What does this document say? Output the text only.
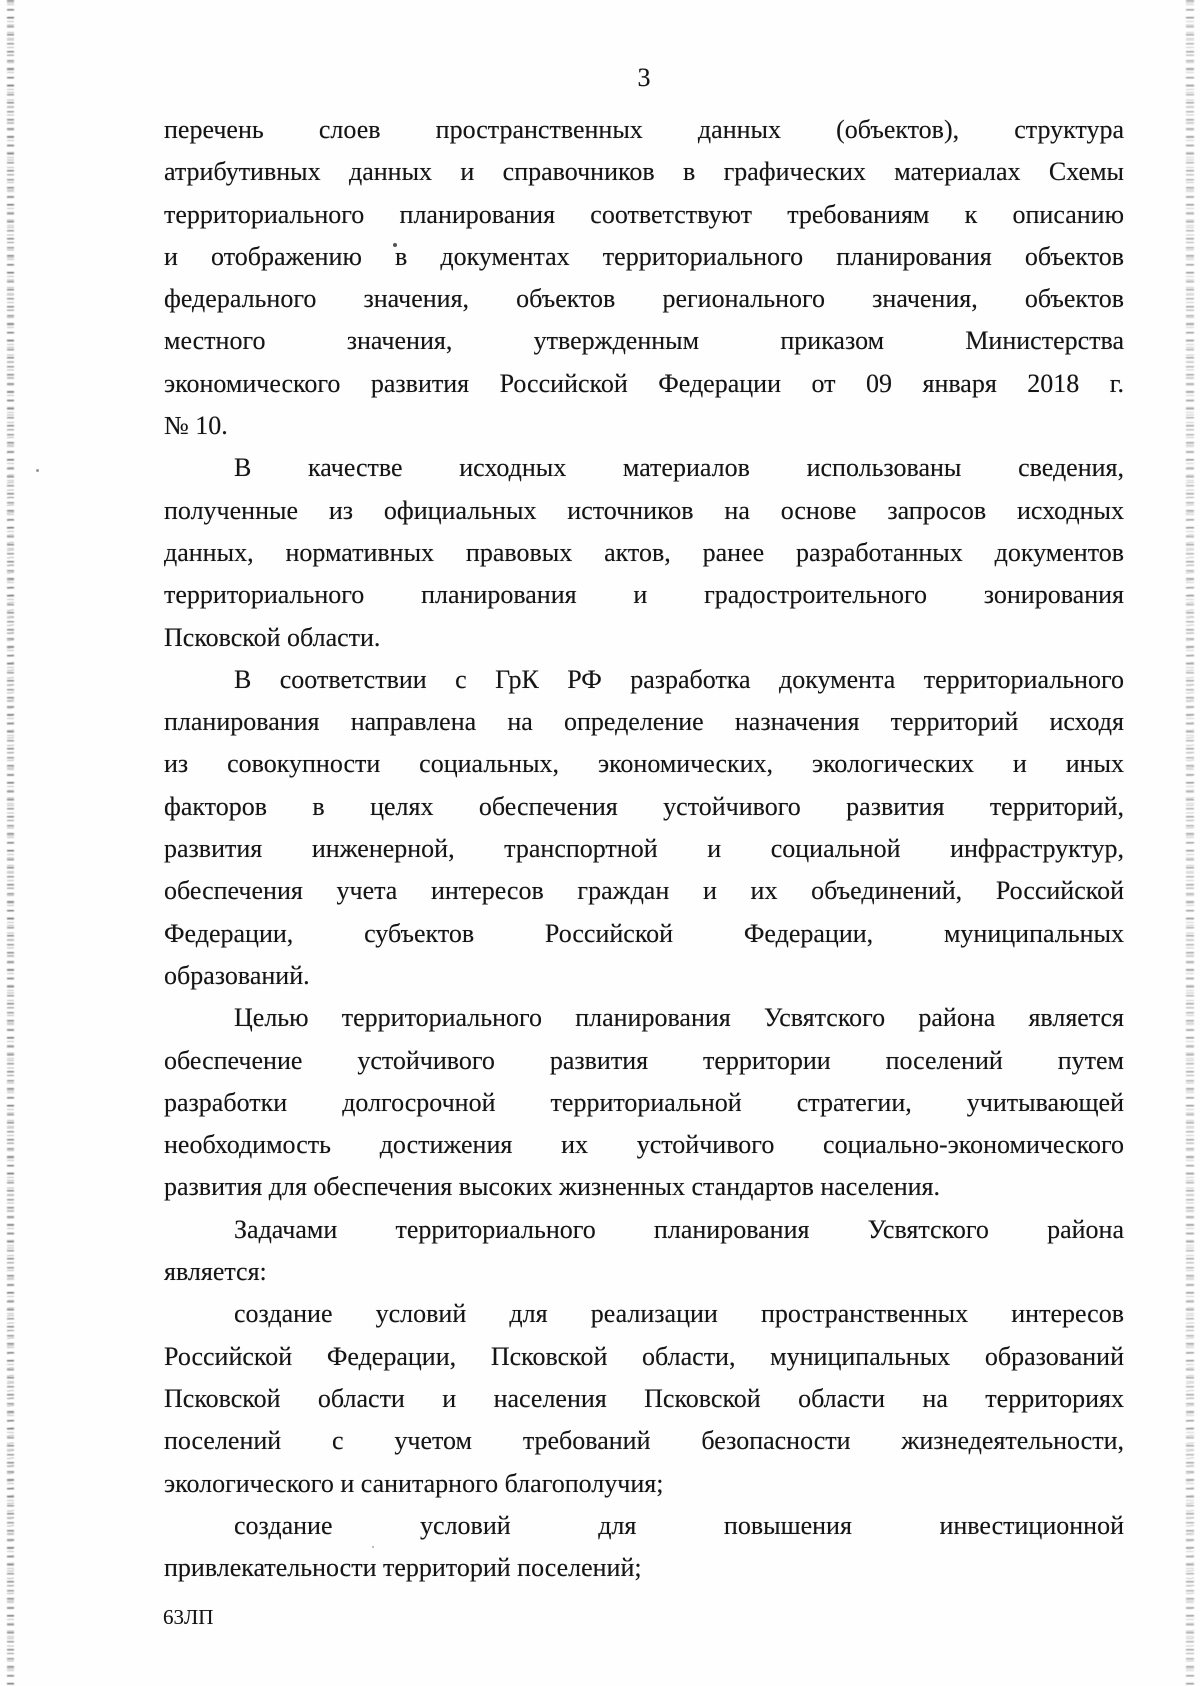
3
перечень слоев пространственных данных (объектов), структура
атрибутивных данных и справочников в графических материалах Схемы
территориального планирования соответствуют требованиям к описанию
и отображению в документах территориального планирования объектов
федерального значения, объектов регионального значения, объектов
местного значения, утвержденным приказом Министерства
экономического развития Российской Федерации от 09 января 2018 г.
№ 10.
В качестве исходных материалов использованы сведения,
полученные из официальных источников на основе запросов исходных
данных, нормативных правовых актов, ранее разработанных документов
территориального планирования и градостроительного зонирования
Псковской области.
В соответствии с ГрК РФ разработка документа территориального
планирования направлена на определение назначения территорий исходя
из совокупности социальных, экономических, экологических и иных
факторов в целях обеспечения устойчивого развития территорий,
развития инженерной, транспортной и социальной инфраструктур,
обеспечения учета интересов граждан и их объединений, Российской
Федерации, субъектов Российской Федерации, муниципальных
образований.
Целью территориального планирования Усвятского района является
обеспечение устойчивого развития территории поселений путем
разработки долгосрочной территориальной стратегии, учитывающей
необходимость достижения их устойчивого социально-экономического
развития для обеспечения высоких жизненных стандартов населения.
Задачами территориального планирования Усвятского района
является:
создание условий для реализации пространственных интересов
Российской Федерации, Псковской области, муниципальных образований
Псковской области и населения Псковской области на территориях
поселений с учетом требований безопасности жизнедеятельности,
экологического и санитарного благополучия;
создание условий для повышения инвестиционной
привлекательности территорий поселений;
63ЛП
